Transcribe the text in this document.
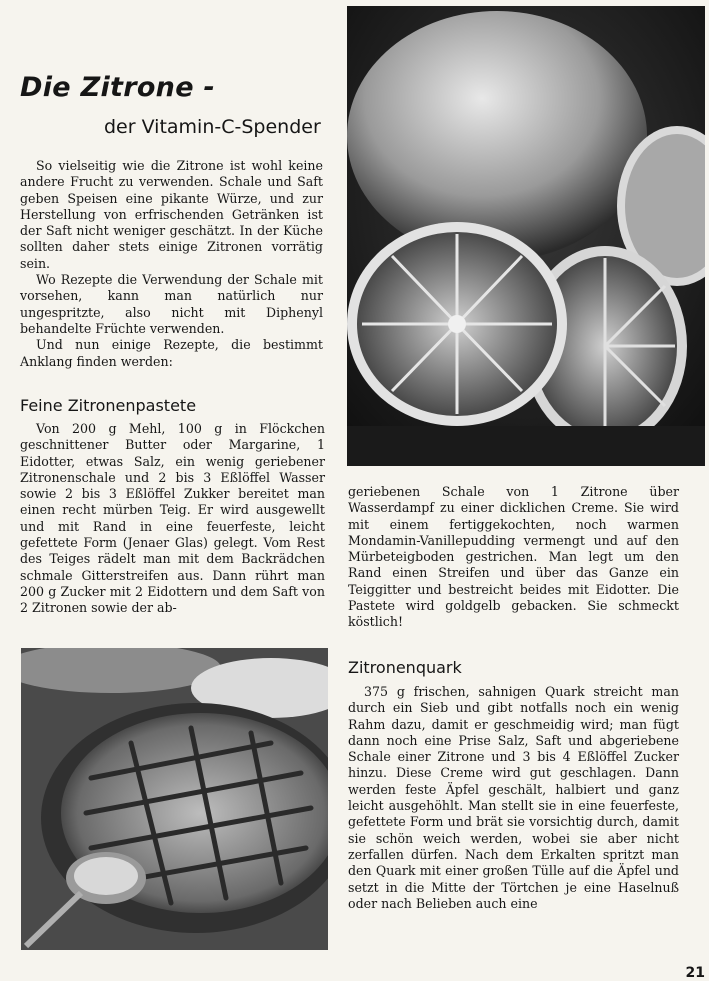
Die Zitrone -
der Vitamin-C-Spender

So vielseitig wie die Zitrone ist wohl keine andere Frucht zu verwenden. Schale und Saft geben Speisen eine pikante Würze, und zur Herstellung von erfrischenden Getränken ist der Saft nicht weniger geschätzt. In der Küche sollten daher stets einige Zitronen vorrätig sein.

Wo Rezepte die Verwendung der Schale mit vorsehen, kann man natürlich nur ungespritzte, also nicht mit Diphenyl behandelte Früchte verwenden.

Und nun einige Rezepte, die bestimmt Anklang finden werden:

Feine Zitronenpastete

Von 200 g Mehl, 100 g in Flöckchen geschnittener Butter oder Margarine, 1 Eidotter, etwas Salz, ein wenig geriebener Zitronenschale und 2 bis 3 Eßlöffel Wasser sowie 2 bis 3 Eßlöffel Zukker bereitet man einen recht mürben Teig. Er wird ausgewellt und mit Rand in eine feuerfeste, leicht gefettete Form (Jenaer Glas) gelegt. Vom Rest des Teiges rädelt man mit dem Backrädchen schmale Gitterstreifen aus. Dann rührt man 200 g Zucker mit 2 Eidottern und dem Saft von 2 Zitronen sowie der ab-

geriebenen Schale von 1 Zitrone über Wasserdampf zu einer dicklichen Creme. Sie wird mit einem fertiggekochten, noch warmen Mondamin-Vanillepudding vermengt und auf den Mürbeteigboden gestrichen. Man legt um den Rand einen Streifen und über das Ganze ein Teiggitter und bestreicht beides mit Eidotter. Die Pastete wird goldgelb gebacken. Sie schmeckt köstlich!

Zitronenquark

375 g frischen, sahnigen Quark streicht man durch ein Sieb und gibt notfalls noch ein wenig Rahm dazu, damit er geschmeidig wird; man fügt dann noch eine Prise Salz, Saft und abgeriebene Schale einer Zitrone und 3 bis 4 Eßlöffel Zucker hinzu. Diese Creme wird gut geschlagen. Dann werden feste Äpfel geschält, halbiert und ganz leicht ausgehöhlt. Man stellt sie in eine feuerfeste, gefettete Form und brät sie vorsichtig durch, damit sie schön weich werden, wobei sie aber nicht zerfallen dürfen. Nach dem Erkalten spritzt man den Quark mit einer großen Tülle auf die Äpfel und setzt in die Mitte der Törtchen je eine Haselnuß oder nach Belieben auch eine

21
